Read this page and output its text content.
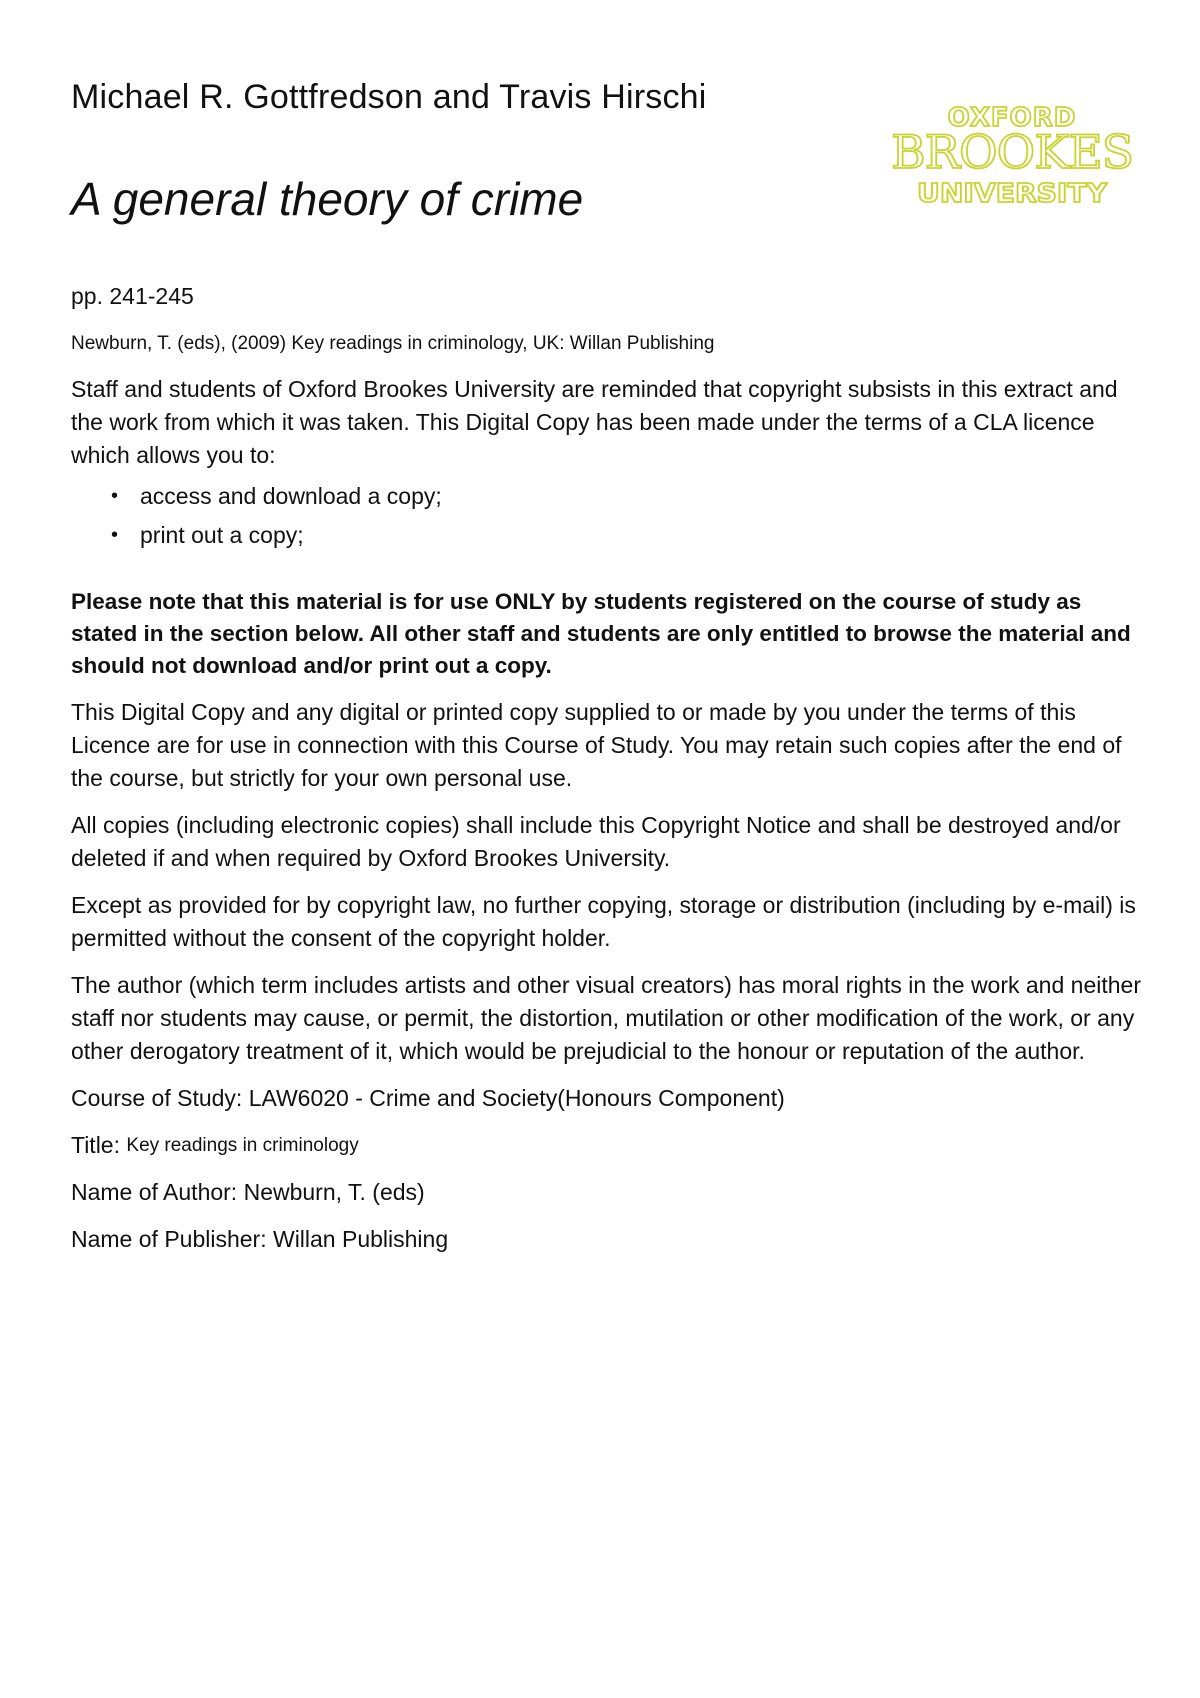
Michael R. Gottfredson and Travis Hirschi
A general theory of crime
OXFORD
BROOKES
UNIVERSITY

pp. 241-245

Newburn, T. (eds), (2009) Key readings in criminology, UK: Willan Publishing

Staff and students of Oxford Brookes University are reminded that copyright subsists in this extract and the work from which it was taken. This Digital Copy has been made under the terms of a CLA licence which allows you to:

• access and download a copy;
• print out a copy;

Please note that this material is for use ONLY by students registered on the course of study as stated in the section below. All other staff and students are only entitled to browse the material and should not download and/or print out a copy.

This Digital Copy and any digital or printed copy supplied to or made by you under the terms of this Licence are for use in connection with this Course of Study. You may retain such copies after the end of the course, but strictly for your own personal use.

All copies (including electronic copies) shall include this Copyright Notice and shall be destroyed and/or deleted if and when required by Oxford Brookes University.

Except as provided for by copyright law, no further copying, storage or distribution (including by e-mail) is permitted without the consent of the copyright holder.

The author (which term includes artists and other visual creators) has moral rights in the work and neither staff nor students may cause, or permit, the distortion, mutilation or other modification of the work, or any other derogatory treatment of it, which would be prejudicial to the honour or reputation of the author.

Course of Study: LAW6020 - Crime and Society(Honours Component)

Title: Key readings in criminology

Name of Author: Newburn, T. (eds)

Name of Publisher: Willan Publishing
